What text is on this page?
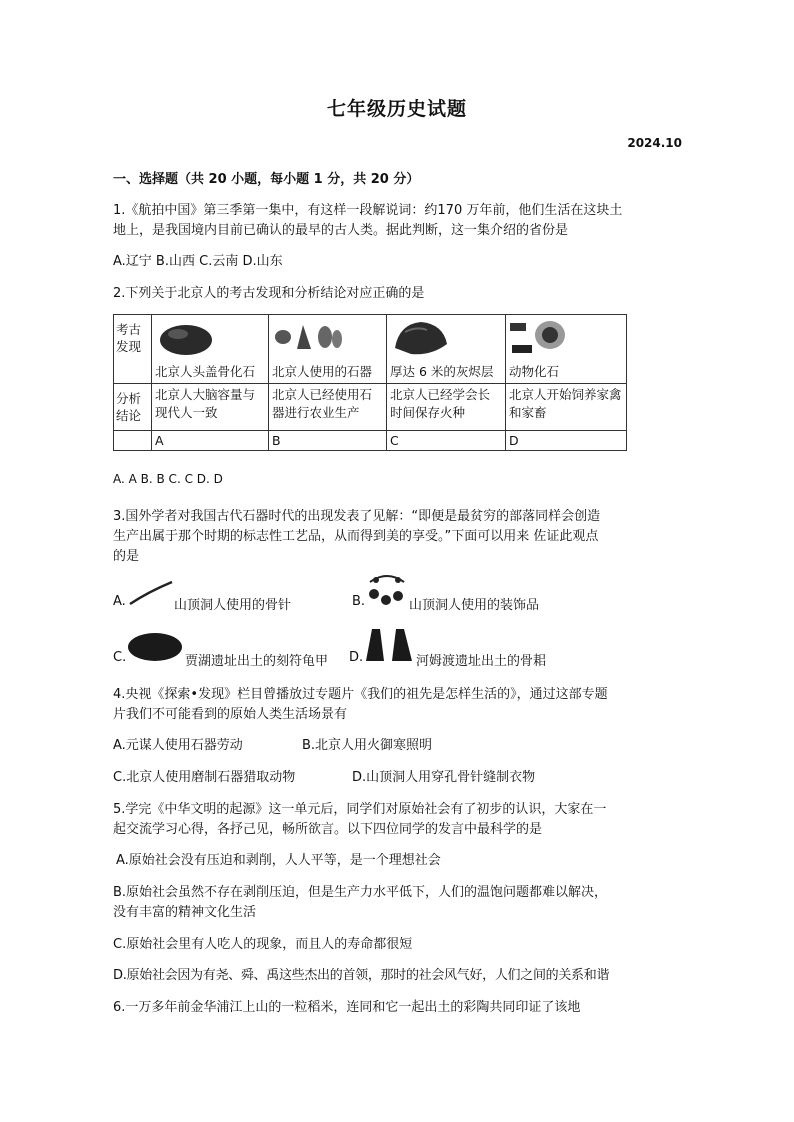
七年级历史试题
2024.10
一、选择题（共 20 小题，每小题 1 分，共 20 分）
1.《航拍中国》第三季第一集中，有这样一段解说词：约170 万年前，他们生活在这块土
地上，是我国境内目前已确认的最早的古人类。据此判断，这一集介绍的省份是
A.辽宁 B.山西 C.云南 D.山东
2.下列关于北京人的考古发现和分析结论对应正确的是
考古发现	北京人头盖骨化石	北京人使用的石器	厚达 6 米的灰烬层	动物化石

分析结论	北京人大脑容量与现代人一致	北京人已经使用石器进行农业生产	北京人已经学会长时间保存火种	北京人开始饲养家禽和家畜
	A	B	C	D
A. A B. B C. C D. D
3.国外学者对我国古代石器时代的出现发表了见解：“即便是最贫穷的部落同样会创造
生产出属于那个时期的标志性工艺品，从而得到美的享受。”下面可以用来 佐证此观点
的是
A.	山顶洞人使用的骨针	B.	山顶洞人使用的装饰品
C.	贾湖遗址出土的刻符龟甲 D.	河姆渡遗址出土的骨耜
4.央视《探索•发现》栏目曾播放过专题片《我们的祖先是怎样生活的》，通过这部专题
片我们不可能看到的原始人类生活场景有
A.元谋人使用石器劳动	B.北京人用火御寒照明
C.北京人使用磨制石器猎取动物	D.山顶洞人用穿孔骨针缝制衣物
5.学完《中华文明的起源》这一单元后，同学们对原始社会有了初步的认识，大家在一
起交流学习心得，各抒己见，畅所欲言。以下四位同学的发言中最科学的是
A.原始社会没有压迫和剥削，人人平等，是一个理想社会
B.原始社会虽然不存在剥削压迫，但是生产力水平低下，人们的温饱问题都难以解决，
没有丰富的精神文化生活
C.原始社会里有人吃人的现象，而且人的寿命都很短
D.原始社会因为有尧、舜、禹这些杰出的首领，那时的社会风气好，人们之间的关系和谐
6.一万多年前金华浦江上山的一粒稻米，连同和它一起出土的彩陶共同印证了该地
